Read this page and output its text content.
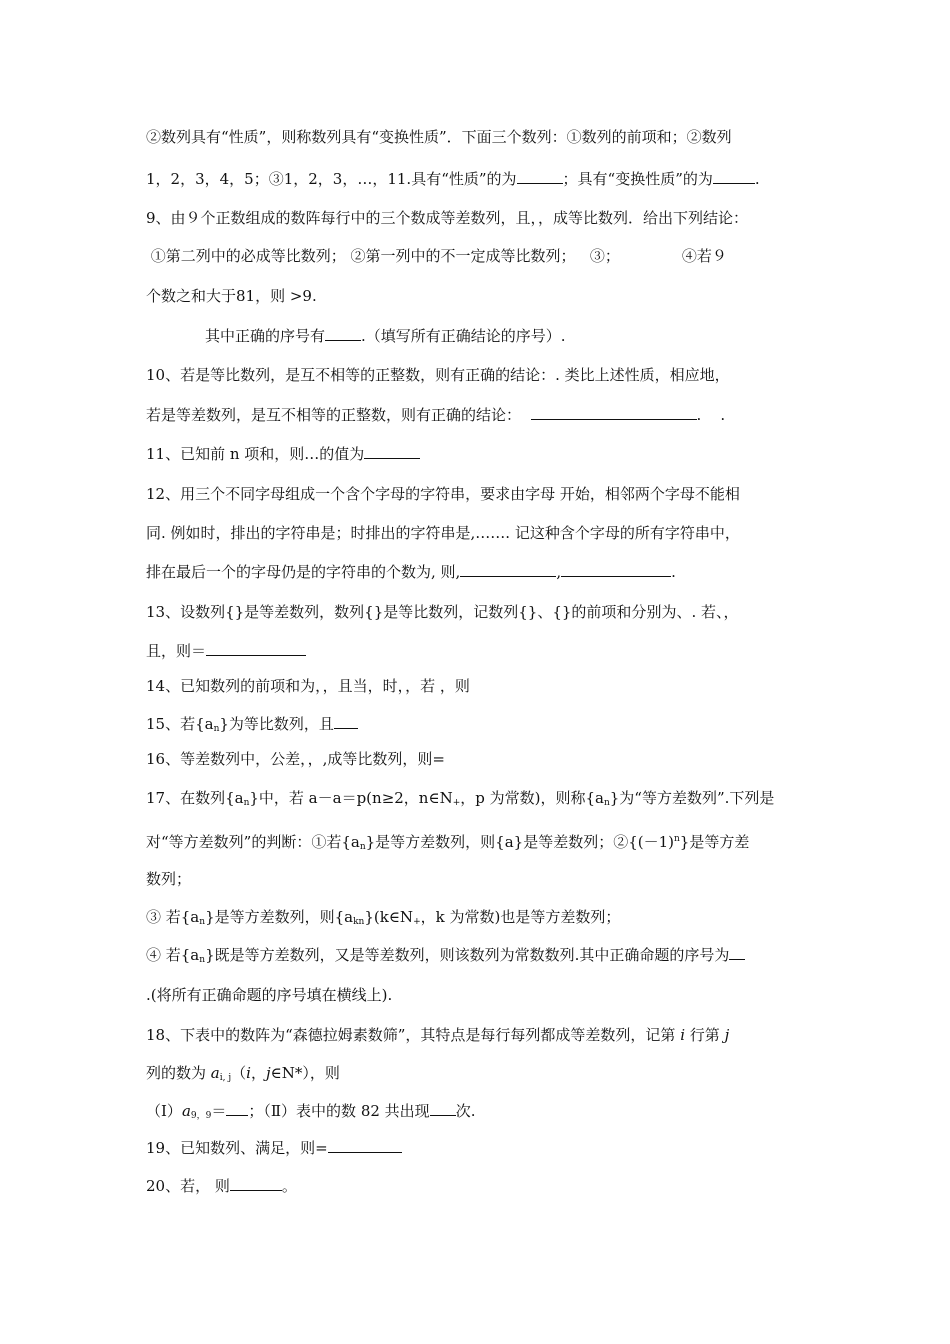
②数列具有“性质”，则称数列具有“变换性质”．下面三个数列：①数列的前项和；②数列
1，2，3，4，5；③1，2，3，…，11.具有“性质”的为	；具有“变换性质”的为	.
9、由９个正数组成的数阵每行中的三个数成等差数列，且，，成等比数列．给出下列结论：
①第二列中的必成等比数列； ②第一列中的不一定成等比数列；   ③；             ④若９
个数之和大于81，则 >9.
其中正确的序号有 .（填写所有正确结论的序号）.
10、若是等比数列，是互不相等的正整数，则有正确的结论：. 类比上述性质，相应地，
若是等差数列，是互不相等的正整数，则有正确的结论：	.    .
11、已知前 n 项和，则…的值为
12、用三个不同字母组成一个含个字母的字符串，要求由字母 开始，相邻两个字母不能相
同. 例如时，排出的字符串是；时排出的字符串是,……. 记这种含个字母的所有字符串中，
排在最后一个的字母仍是的字符串的个数为, 则,	,	.
13、设数列{}是等差数列，数列{}是等比数列，记数列{}、{}的前项和分别为、. 若、，
且，则＝
14、已知数列的前项和为，，且当，时，，若 ，则
15、若$\{a_n\}$为等比数列，且
16、等差数列中，公差，，,成等比数列，则=
17、在数列$\{a_n\}$中，若 a－a＝p(n≥2，$n\in N_+$，p 为常数)，则称$\{a_n\}$为“等方差数列”.下列是
对“等方差数列”的判断：①若$\{a_n\}$是等方差数列，则{a}是等差数列；$②\{(-1)^n\}$是等方差
数列；
③ 若$\{a_n\}$是等方差数列，则$\{a_{kn}\}(k\in N_+$，k 为常数)也是等方差数列；
④ 若$\{a_n\}$既是等方差数列，又是等差数列，则该数列为常数数列.其中正确命题的序号为
.(将所有正确命题的序号填在横线上).
18、下表中的数阵为“森德拉姆素数筛”，其特点是每行每列都成等差数列，记第 i 行第 j
列的数为 $a_{i, j}(i$，j∈N*），则
$(Ⅰ)a_{9,9}=$ ；（Ⅱ）表中的数 82 共出现 次.
19、已知数列、满足，则=
20、若， 则	。
